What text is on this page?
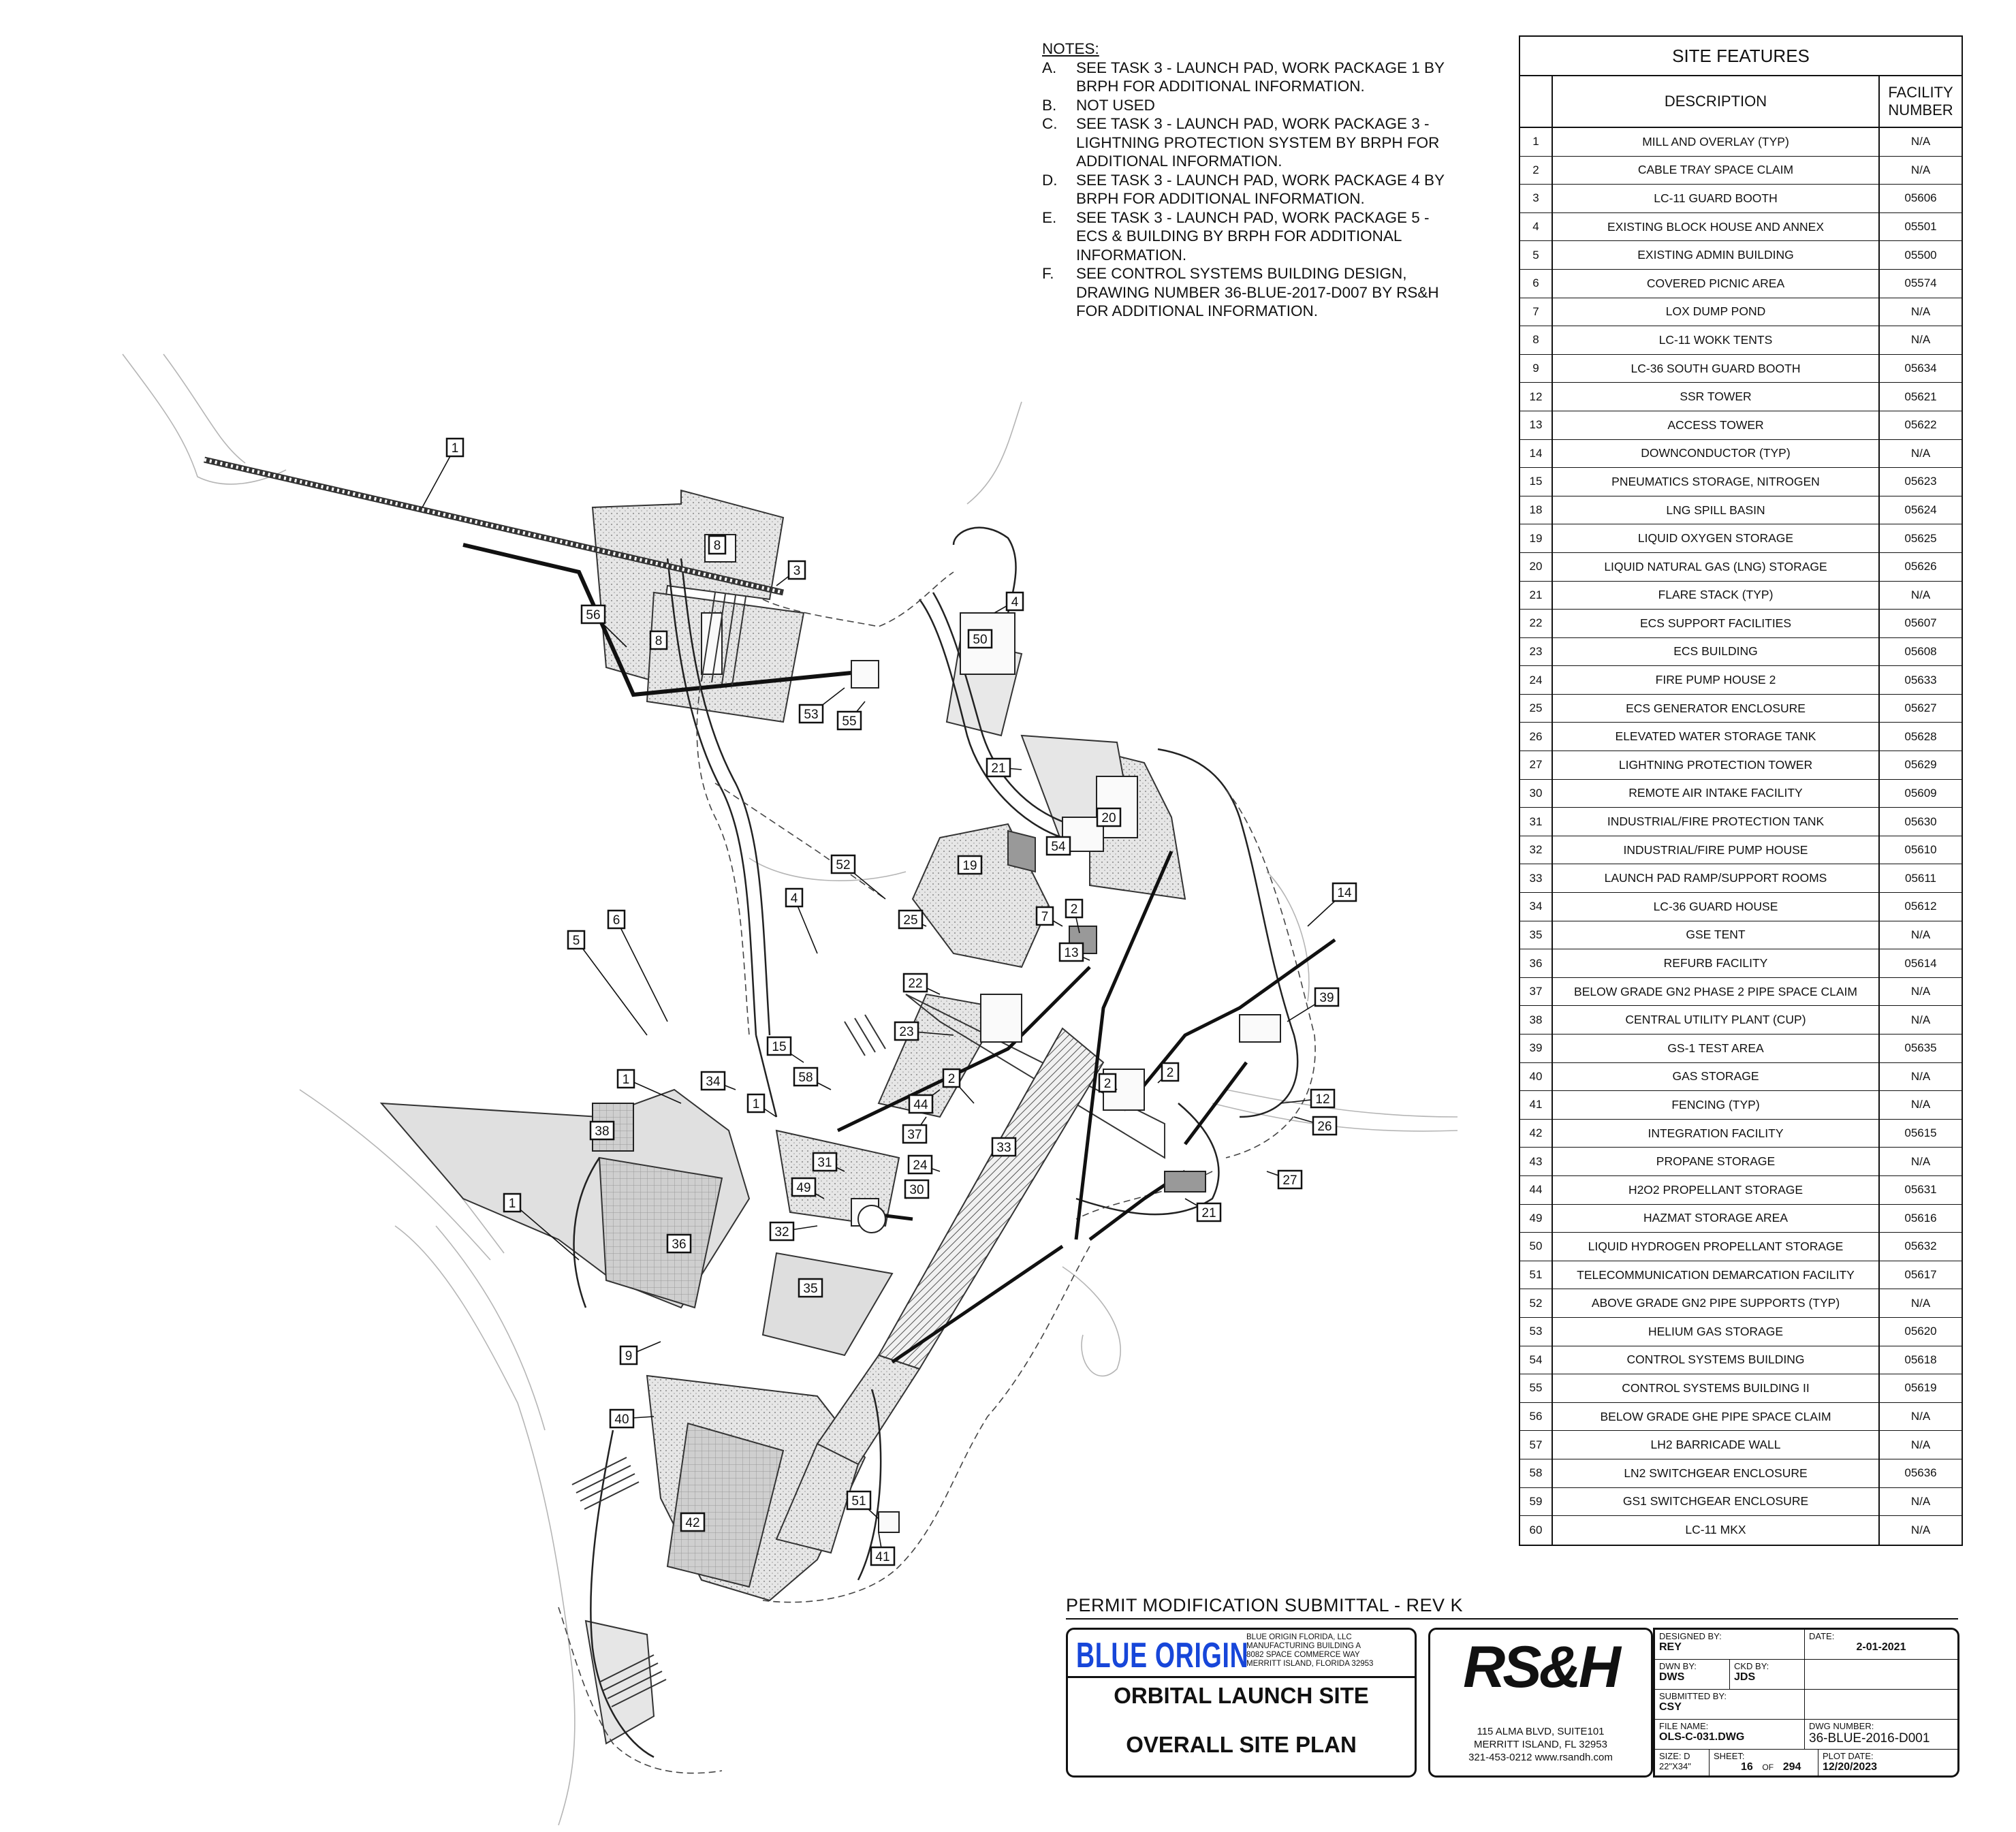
1
1
1
1
2
2	2
2
3
4
4
5
6	7
8
8
9
12
13
14
15
19
20
21
21
22
23
24
25
26
27
30
31
32
33
34
35
36
37
38
39
40
41
42
44
49
50
51
52
53
54
55
56
58
NOTES:
A.	SEE TASK 3 - LAUNCH PAD, WORK PACKAGE 1 BY BRPH FOR ADDITIONAL INFORMATION.
B.	NOT USED
C.	SEE TASK 3 - LAUNCH PAD, WORK PACKAGE 3 - LIGHTNING PROTECTION SYSTEM BY BRPH FOR ADDITIONAL INFORMATION.
D.	SEE TASK 3 - LAUNCH PAD, WORK PACKAGE 4 BY BRPH FOR ADDITIONAL INFORMATION.
E.	SEE TASK 3 - LAUNCH PAD, WORK PACKAGE 5 - ECS & BUILDING BY BRPH FOR ADDITIONAL INFORMATION.
F.	SEE CONTROL SYSTEMS BUILDING DESIGN, DRAWING NUMBER 36-BLUE-2017-D007 BY RS&H FOR ADDITIONAL INFORMATION.
SITE FEATURES
DESCRIPTION
FACILITY NUMBER
1	MILL AND OVERLAY (TYP)	N/A
2	CABLE TRAY SPACE CLAIM	N/A
3	LC-11 GUARD BOOTH	05606
4	EXISTING BLOCK HOUSE AND ANNEX	05501
5	EXISTING ADMIN BUILDING	05500
6	COVERED PICNIC AREA	05574
7	LOX DUMP POND	N/A
8	LC-11 WOKK TENTS	N/A
9	LC-36 SOUTH GUARD BOOTH	05634
12	SSR TOWER	05621
13	ACCESS TOWER	05622
14	DOWNCONDUCTOR (TYP)	N/A
15	PNEUMATICS STORAGE, NITROGEN	05623
18	LNG SPILL BASIN	05624
19	LIQUID OXYGEN STORAGE	05625
20	LIQUID NATURAL GAS (LNG) STORAGE	05626
21	FLARE STACK (TYP)	N/A
22	ECS SUPPORT FACILITIES	05607
23	ECS BUILDING	05608
24	FIRE PUMP HOUSE 2	05633
25	ECS GENERATOR ENCLOSURE	05627
26	ELEVATED WATER STORAGE TANK	05628
27	LIGHTNING PROTECTION TOWER	05629
30	REMOTE AIR INTAKE FACILITY	05609
31	INDUSTRIAL/FIRE PROTECTION TANK	05630
32	INDUSTRIAL/FIRE PUMP HOUSE	05610
33	LAUNCH PAD RAMP/SUPPORT ROOMS	05611
34	LC-36 GUARD HOUSE	05612
35	GSE TENT	N/A
36	REFURB FACILITY	05614
37	BELOW GRADE GN2 PHASE 2 PIPE SPACE CLAIM	N/A
38	CENTRAL UTILITY PLANT (CUP)	N/A
39	GS-1 TEST AREA	05635
40	GAS STORAGE	N/A
41	FENCING (TYP)	N/A
42	INTEGRATION FACILITY	05615
43	PROPANE STORAGE	N/A
44	H2O2 PROPELLANT STORAGE	05631
49	HAZMAT STORAGE AREA	05616
50	LIQUID HYDROGEN PROPELLANT STORAGE	05632
51	TELECOMMUNICATION DEMARCATION FACILITY	05617
52	ABOVE GRADE GN2 PIPE SUPPORTS (TYP)	N/A
53	HELIUM GAS STORAGE	05620
54	CONTROL SYSTEMS BUILDING	05618
55	CONTROL SYSTEMS BUILDING II	05619
56	BELOW GRADE GHE PIPE SPACE CLAIM	N/A
57	LH2 BARRICADE WALL	N/A
58	LN2 SWITCHGEAR ENCLOSURE	05636
59	GS1 SWITCHGEAR ENCLOSURE	N/A
60	LC-11 MKX	N/A
PERMIT MODIFICATION SUBMITTAL - REV K
BLUE ORIGIN
BLUE ORIGIN FLORIDA, LLC
MANUFACTURING BUILDING A
8082 SPACE COMMERCE WAY
MERRITT ISLAND, FLORIDA 32953
ORBITAL LAUNCH SITE
OVERALL SITE PLAN
RS&H
115 ALMA BLVD, SUITE101
MERRITT ISLAND, FL 32953
321-453-0212 www.rsandh.com
DESIGNED BY:
REY
DATE:
2-01-2021
DWN BY:
DWS
CKD BY:
JDS
SUBMITTED BY:
CSY
FILE NAME:
OLS-C-031.DWG
DWG NUMBER:
36-BLUE-2016-D001
SIZE: D
22"X34"
SHEET:
16 OF 294
PLOT DATE:
12/20/2023
